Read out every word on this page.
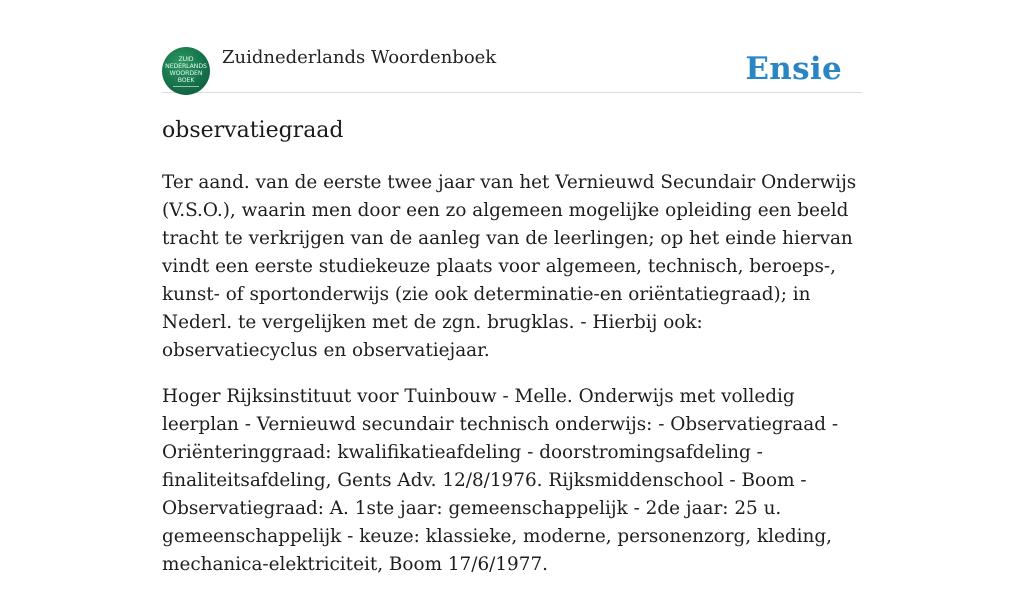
ZUID
NEDERLANDS
WOORDEN
BOEK
Zuidnederlands Woordenboek	Ensie
observatiegraad

Ter aand. van de eerste twee jaar van het Vernieuwd Secundair Onderwijs (V.S.O.), waarin men door een zo algemeen mogelijke opleiding een beeld tracht te verkrijgen van de aanleg van de leerlingen; op het einde hiervan vindt een eerste studiekeuze plaats voor algemeen, technisch, beroeps-, kunst- of sportonderwijs (zie ook determinatie-en oriëntatiegraad); in Nederl. te vergelijken met de zgn. brugklas. - Hierbij ook: observatiecyclus en observatiejaar.

Hoger Rijksinstituut voor Tuinbouw - Melle. Onderwijs met volledig leerplan - Vernieuwd secundair technisch onderwijs: - Observatiegraad - Oriënteringgraad: kwalifikatieafdeling - doorstromingsafdeling - finaliteitsafdeling, Gents Adv. 12/8/1976. Rijksmiddenschool - Boom - Observatiegraad: A. 1ste jaar: gemeenschappelijk - 2de jaar: 25 u. gemeenschappelijk - keuze: klassieke, moderne, personenzorg, kleding, mechanica-elektriciteit, Boom 17/6/1977.
